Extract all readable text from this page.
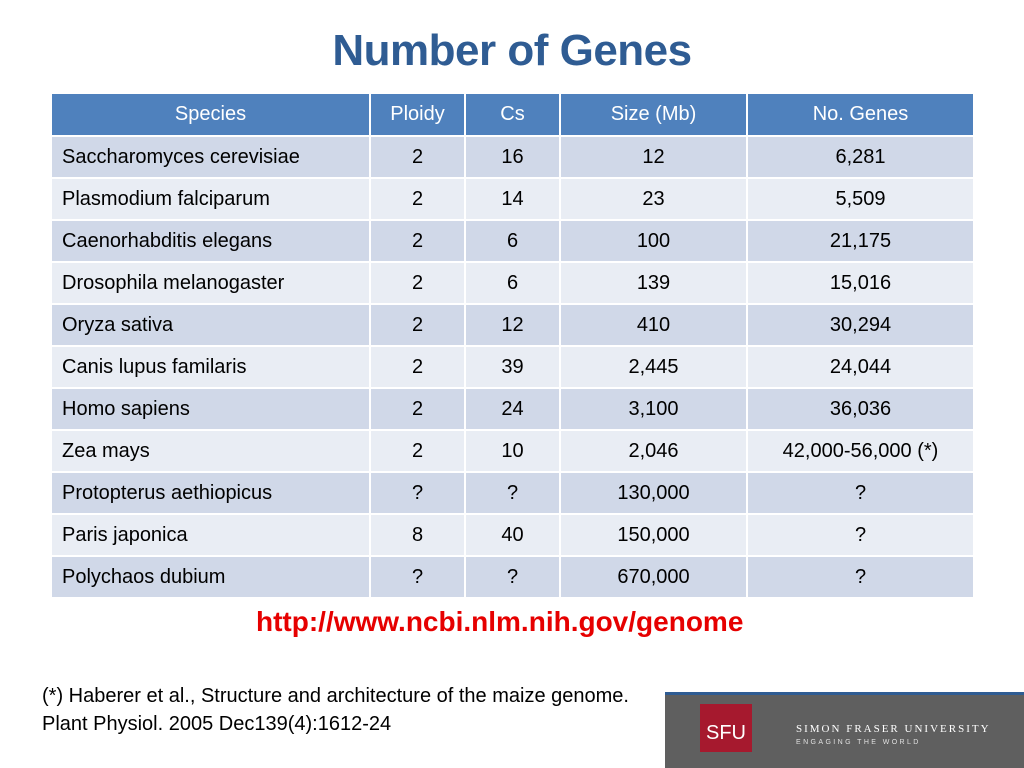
Number of Genes
Species	Ploidy	Cs	Size (Mb)	No. Genes
Saccharomyces cerevisiae	2	16	12	6,281
Plasmodium falciparum	2	14	23	5,509
Caenorhabditis elegans	2	6	100	21,175
Drosophila melanogaster	2	6	139	15,016
Oryza sativa	2	12	410	30,294
Canis lupus familaris	2	39	2,445	24,044
Homo sapiens	2	24	3,100	36,036
Zea mays	2	10	2,046	42,000-56,000 (*)
Protopterus aethiopicus	?	?	130,000	?
Paris japonica	8	40	150,000	?
Polychaos dubium	?	?	670,000	?
http://www.ncbi.nlm.nih.gov/genome
(*) Haberer et al., Structure and architecture of the maize genome. Plant Physiol. 2005 Dec139(4):1612-24	SFU	SIMON FRASER UNIVERSITY
ENGAGING THE WORLD
